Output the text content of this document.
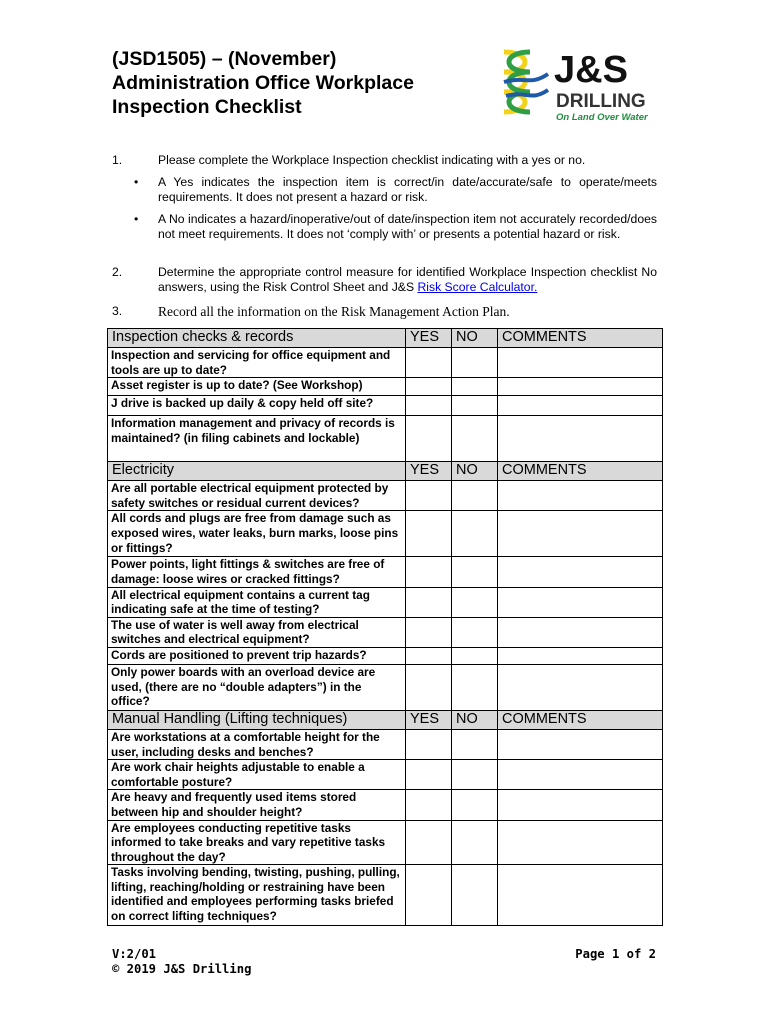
(JSD1505) – (November)
Administration Office Workplace
Inspection Checklist
J&S
DRILLING
On Land Over Water
1.	Please complete the Workplace Inspection checklist indicating with a yes or no.
• A Yes indicates the inspection item is correct/in date/accurate/safe to operate/meets requirements. It does not present a hazard or risk.
• A No indicates a hazard/inoperative/out of date/inspection item not accurately recorded/does not meet requirements. It does not ‘comply with’ or presents a potential hazard or risk.
2.	Determine the appropriate control measure for identified Workplace Inspection checklist No answers, using the Risk Control Sheet and J&S Risk Score Calculator.
3.	Record all the information on the Risk Management Action Plan.
Inspection checks & records	YES	NO	COMMENTS
Inspection and servicing for office equipment and tools are up to date?			
Asset register is up to date? (See Workshop)			
J drive is backed up daily & copy held off site?			
Information management and privacy of records is maintained? (in filing cabinets and lockable)			
Electricity	YES	NO	COMMENTS
Are all portable electrical equipment protected by safety switches or residual current devices?			
All cords and plugs are free from damage such as exposed wires, water leaks, burn marks, loose pins or fittings?			
Power points, light fittings & switches are free of damage: loose wires or cracked fittings?			
All electrical equipment contains a current tag indicating safe at the time of testing?			
The use of water is well away from electrical switches and electrical equipment?			
Cords are positioned to prevent trip hazards?			
Only power boards with an overload device are used, (there are no “double adapters”) in the office?			
Manual Handling (Lifting techniques)	YES	NO	COMMENTS
Are workstations at a comfortable height for the user, including desks and benches?			
Are work chair heights adjustable to enable a comfortable posture?			
Are heavy and frequently used items stored between hip and shoulder height?			
Are employees conducting repetitive tasks informed to take breaks and vary repetitive tasks throughout the day?			
Tasks involving bending, twisting, pushing, pulling, lifting, reaching/holding or restraining have been identified and employees performing tasks briefed on correct lifting techniques?			
V:2/01
© 2019 J&S Drilling
Page 1 of 2
